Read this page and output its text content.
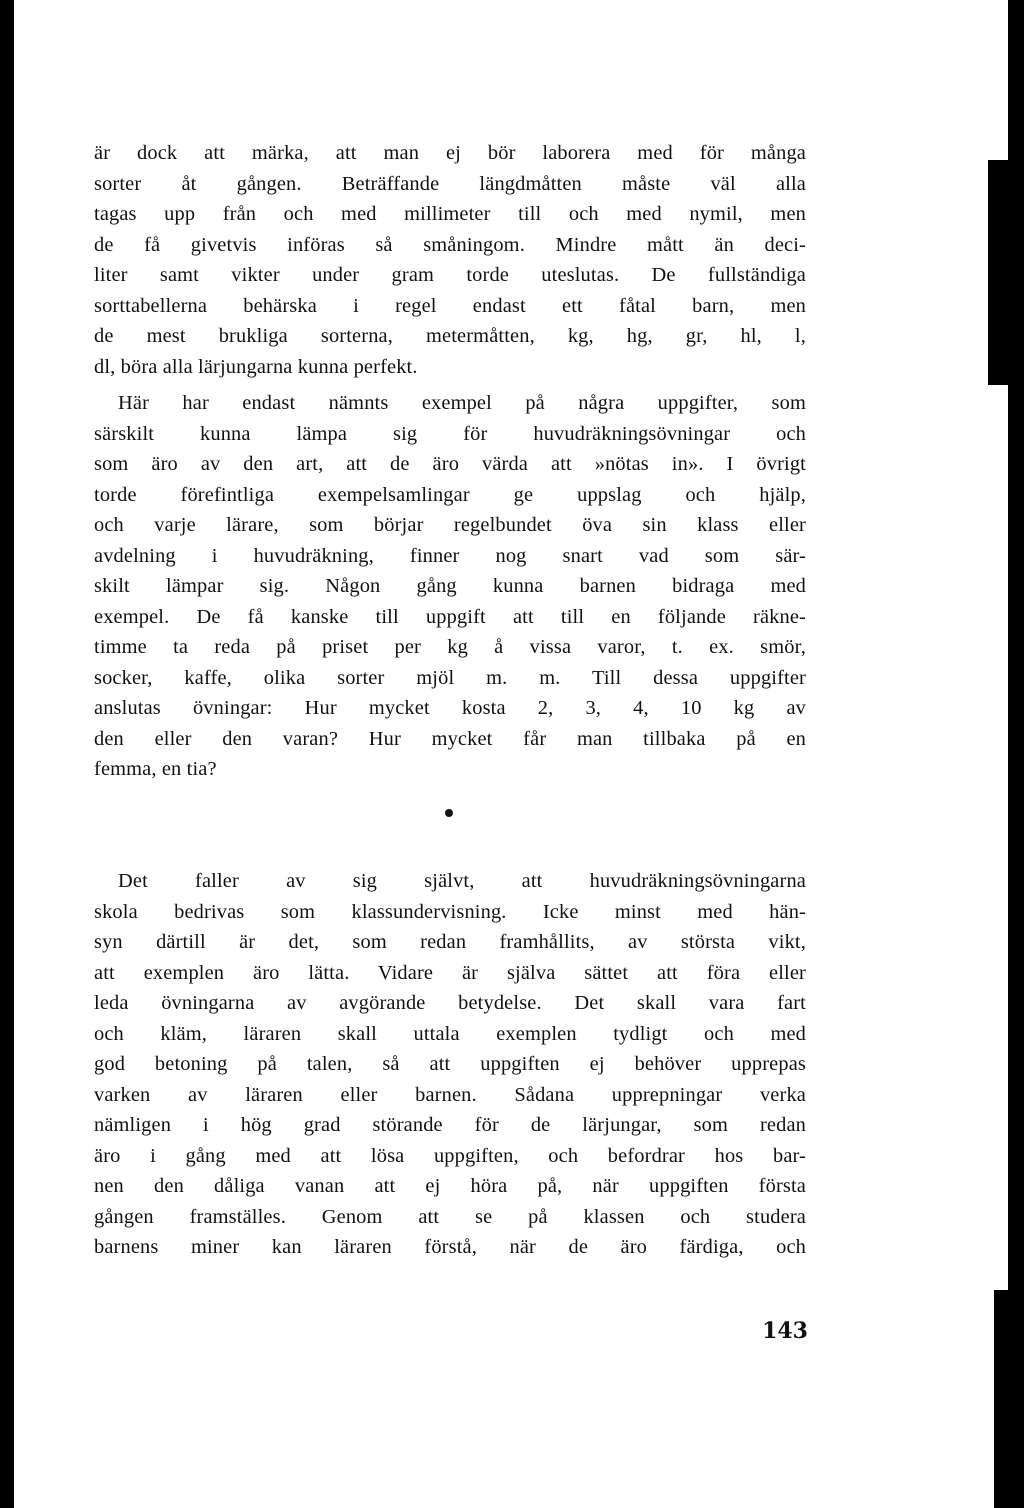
är dock att märka, att man ej bör laborera med för många
sorter åt gången. Beträffande längdmåtten måste väl alla
tagas upp från och med millimeter till och med nymil, men
de få givetvis införas så småningom. Mindre mått än deci-
liter samt vikter under gram torde uteslutas. De fullständiga
sorttabellerna behärska i regel endast ett fåtal barn, men
de mest brukliga sorterna, metermåtten, kg, hg, gr, hl, l,
dl, böra alla lärjungarna kunna perfekt.
Här har endast nämnts exempel på några uppgifter, som
särskilt kunna lämpa sig för huvudräkningsövningar och
som äro av den art, att de äro värda att »nötas in». I övrigt
torde förefintliga exempelsamlingar ge uppslag och hjälp,
och varje lärare, som börjar regelbundet öva sin klass eller
avdelning i huvudräkning, finner nog snart vad som sär-
skilt lämpar sig. Någon gång kunna barnen bidraga med
exempel. De få kanske till uppgift att till en följande räkne-
timme ta reda på priset per kg å vissa varor, t. ex. smör,
socker, kaffe, olika sorter mjöl m. m. Till dessa uppgifter
anslutas övningar: Hur mycket kosta 2, 3, 4, 10 kg av
den eller den varan? Hur mycket får man tillbaka på en
femma, en tia?
Det faller av sig självt, att huvudräkningsövningarna
skola bedrivas som klassundervisning. Icke minst med hän-
syn därtill är det, som redan framhållits, av största vikt,
att exemplen äro lätta. Vidare är själva sättet att föra eller
leda övningarna av avgörande betydelse. Det skall vara fart
och kläm, läraren skall uttala exemplen tydligt och med
god betoning på talen, så att uppgiften ej behöver upprepas
varken av läraren eller barnen. Sådana upprepningar verka
nämligen i hög grad störande för de lärjungar, som redan
äro i gång med att lösa uppgiften, och befordrar hos bar-
nen den dåliga vanan att ej höra på, när uppgiften första
gången framställes. Genom att se på klassen och studera
barnens miner kan läraren förstå, när de äro färdiga, och
143
